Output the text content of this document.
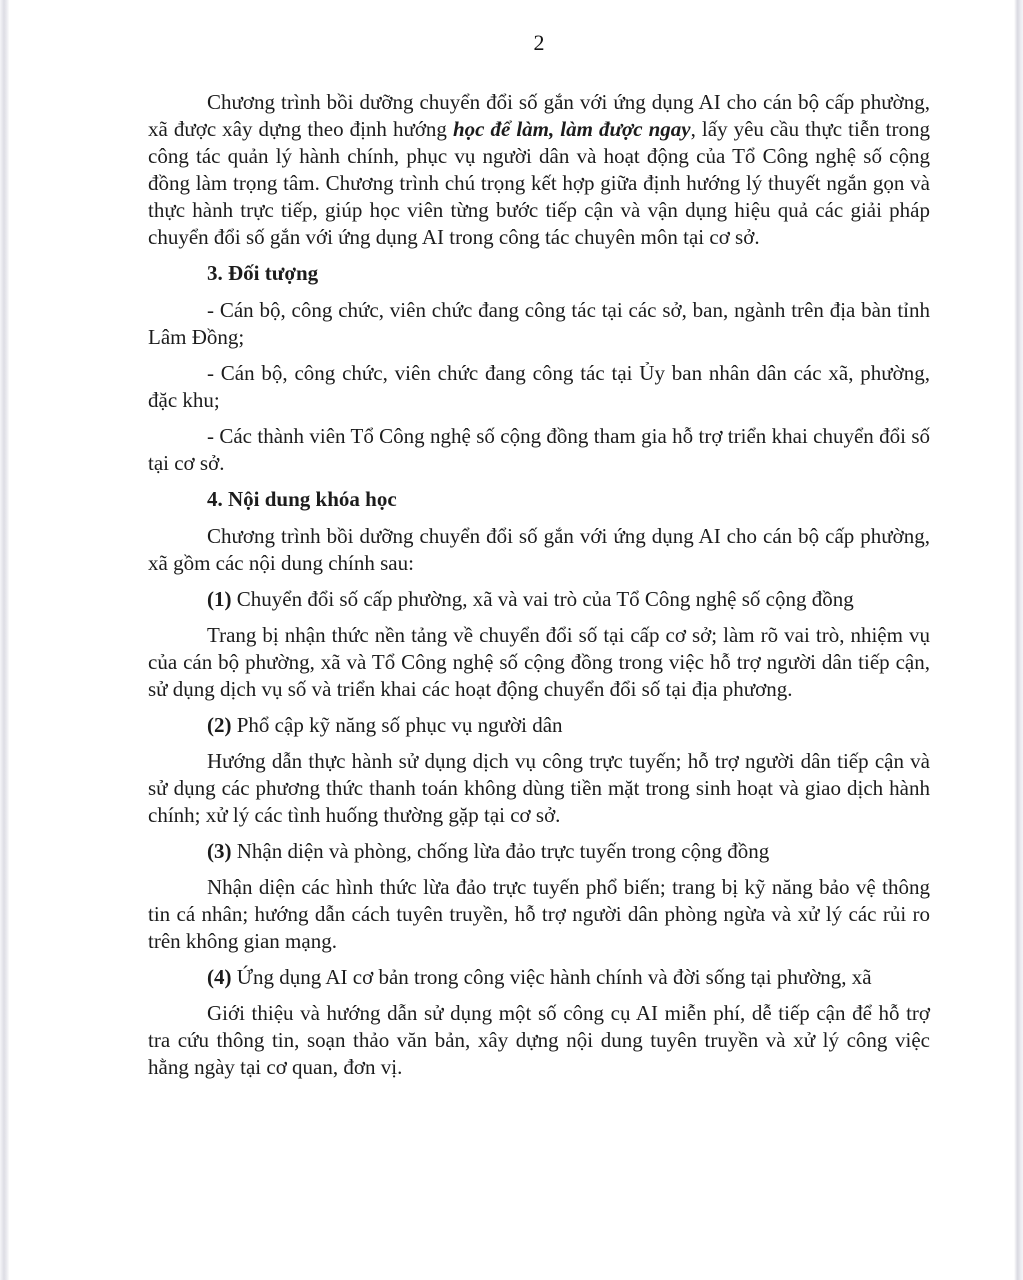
2

Chương trình bồi dưỡng chuyển đổi số gắn với ứng dụng AI cho cán bộ cấp phường, xã được xây dựng theo định hướng học để làm, làm được ngay, lấy yêu cầu thực tiễn trong công tác quản lý hành chính, phục vụ người dân và hoạt động của Tổ Công nghệ số cộng đồng làm trọng tâm. Chương trình chú trọng kết hợp giữa định hướng lý thuyết ngắn gọn và thực hành trực tiếp, giúp học viên từng bước tiếp cận và vận dụng hiệu quả các giải pháp chuyển đổi số gắn với ứng dụng AI trong công tác chuyên môn tại cơ sở.

3. Đối tượng

- Cán bộ, công chức, viên chức đang công tác tại các sở, ban, ngành trên địa bàn tỉnh Lâm Đồng;

- Cán bộ, công chức, viên chức đang công tác tại Ủy ban nhân dân các xã, phường, đặc khu;

- Các thành viên Tổ Công nghệ số cộng đồng tham gia hỗ trợ triển khai chuyển đổi số tại cơ sở.

4. Nội dung khóa học

Chương trình bồi dưỡng chuyển đổi số gắn với ứng dụng AI cho cán bộ cấp phường, xã gồm các nội dung chính sau:

(1) Chuyển đổi số cấp phường, xã và vai trò của Tổ Công nghệ số cộng đồng

Trang bị nhận thức nền tảng về chuyển đổi số tại cấp cơ sở; làm rõ vai trò, nhiệm vụ của cán bộ phường, xã và Tổ Công nghệ số cộng đồng trong việc hỗ trợ người dân tiếp cận, sử dụng dịch vụ số và triển khai các hoạt động chuyển đổi số tại địa phương.

(2) Phổ cập kỹ năng số phục vụ người dân

Hướng dẫn thực hành sử dụng dịch vụ công trực tuyến; hỗ trợ người dân tiếp cận và sử dụng các phương thức thanh toán không dùng tiền mặt trong sinh hoạt và giao dịch hành chính; xử lý các tình huống thường gặp tại cơ sở.

(3) Nhận diện và phòng, chống lừa đảo trực tuyến trong cộng đồng

Nhận diện các hình thức lừa đảo trực tuyến phổ biến; trang bị kỹ năng bảo vệ thông tin cá nhân; hướng dẫn cách tuyên truyền, hỗ trợ người dân phòng ngừa và xử lý các rủi ro trên không gian mạng.

(4) Ứng dụng AI cơ bản trong công việc hành chính và đời sống tại phường, xã

Giới thiệu và hướng dẫn sử dụng một số công cụ AI miễn phí, dễ tiếp cận để hỗ trợ tra cứu thông tin, soạn thảo văn bản, xây dựng nội dung tuyên truyền và xử lý công việc hằng ngày tại cơ quan, đơn vị.
